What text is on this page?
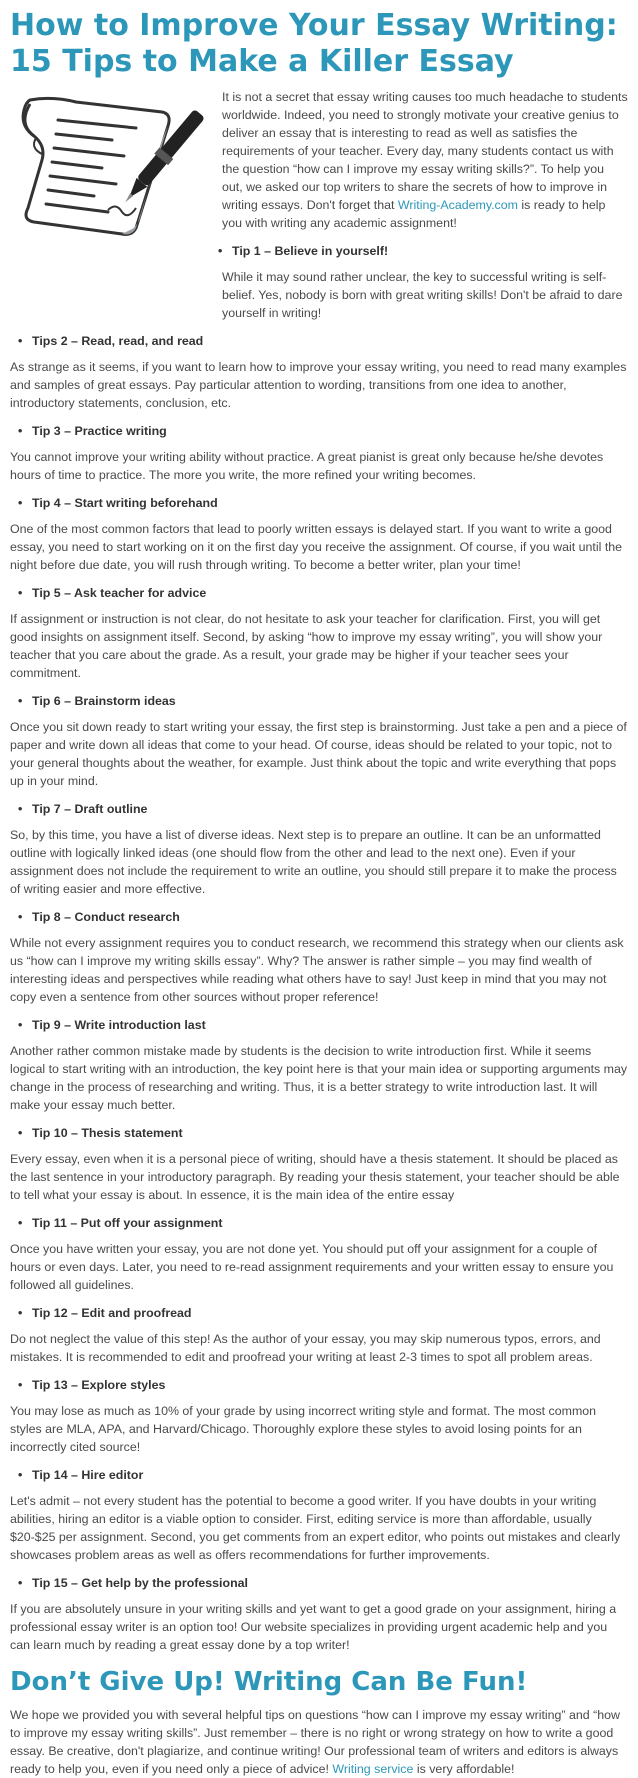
How to Improve Your Essay Writing:
15 Tips to Make a Killer Essay

It is not a secret that essay writing causes too much headache to students worldwide. Indeed, you need to strongly motivate your creative genius to deliver an essay that is interesting to read as well as satisfies the requirements of your teacher. Every day, many students contact us with the question “how can I improve my essay writing skills?”. To help you out, we asked our top writers to share the secrets of how to improve in writing essays. Don't forget that Writing-Academy.com is ready to help you with writing any academic assignment!

• Tip 1 – Believe in yourself!

While it may sound rather unclear, the key to successful writing is self-belief. Yes, nobody is born with great writing skills! Don't be afraid to dare yourself in writing!

• Tips 2 – Read, read, and read

As strange as it seems, if you want to learn how to improve your essay writing, you need to read many examples and samples of great essays. Pay particular attention to wording, transitions from one idea to another, introductory statements, conclusion, etc.

• Tip 3 – Practice writing

You cannot improve your writing ability without practice. A great pianist is great only because he/she devotes hours of time to practice. The more you write, the more refined your writing becomes.

• Tip 4 – Start writing beforehand

One of the most common factors that lead to poorly written essays is delayed start. If you want to write a good essay, you need to start working on it on the first day you receive the assignment. Of course, if you wait until the night before due date, you will rush through writing. To become a better writer, plan your time!

• Tip 5 – Ask teacher for advice

If assignment or instruction is not clear, do not hesitate to ask your teacher for clarification. First, you will get good insights on assignment itself. Second, by asking “how to improve my essay writing”, you will show your teacher that you care about the grade. As a result, your grade may be higher if your teacher sees your commitment.

• Tip 6 – Brainstorm ideas

Once you sit down ready to start writing your essay, the first step is brainstorming. Just take a pen and a piece of paper and write down all ideas that come to your head. Of course, ideas should be related to your topic, not to your general thoughts about the weather, for example. Just think about the topic and write everything that pops up in your mind.

• Tip 7 – Draft outline

So, by this time, you have a list of diverse ideas. Next step is to prepare an outline. It can be an unformatted outline with logically linked ideas (one should flow from the other and lead to the next one). Even if your assignment does not include the requirement to write an outline, you should still prepare it to make the process of writing easier and more effective.

• Tip 8 – Conduct research

While not every assignment requires you to conduct research, we recommend this strategy when our clients ask us “how can I improve my writing skills essay”. Why? The answer is rather simple – you may find wealth of interesting ideas and perspectives while reading what others have to say! Just keep in mind that you may not copy even a sentence from other sources without proper reference!

• Tip 9 – Write introduction last

Another rather common mistake made by students is the decision to write introduction first. While it seems logical to start writing with an introduction, the key point here is that your main idea or supporting arguments may change in the process of researching and writing. Thus, it is a better strategy to write introduction last. It will make your essay much better.

• Tip 10 – Thesis statement

Every essay, even when it is a personal piece of writing, should have a thesis statement. It should be placed as the last sentence in your introductory paragraph. By reading your thesis statement, your teacher should be able to tell what your essay is about. In essence, it is the main idea of the entire essay

• Tip 11 – Put off your assignment

Once you have written your essay, you are not done yet. You should put off your assignment for a couple of hours or even days. Later, you need to re-read assignment requirements and your written essay to ensure you followed all guidelines.

• Tip 12 – Edit and proofread

Do not neglect the value of this step! As the author of your essay, you may skip numerous typos, errors, and mistakes. It is recommended to edit and proofread your writing at least 2-3 times to spot all problem areas.

• Tip 13 – Explore styles

You may lose as much as 10% of your grade by using incorrect writing style and format. The most common styles are MLA, APA, and Harvard/Chicago. Thoroughly explore these styles to avoid losing points for an incorrectly cited source!

• Tip 14 – Hire editor

Let's admit – not every student has the potential to become a good writer. If you have doubts in your writing abilities, hiring an editor is a viable option to consider. First, editing service is more than affordable, usually $20-$25 per assignment. Second, you get comments from an expert editor, who points out mistakes and clearly showcases problem areas as well as offers recommendations for further improvements.

• Tip 15 – Get help by the professional

If you are absolutely unsure in your writing skills and yet want to get a good grade on your assignment, hiring a professional essay writer is an option too! Our website specializes in providing urgent academic help and you can learn much by reading a great essay done by a top writer!

Don’t Give Up! Writing Can Be Fun!

We hope we provided you with several helpful tips on questions “how can I improve my essay writing” and “how to improve my essay writing skills”. Just remember – there is no right or wrong strategy on how to write a good essay. Be creative, don't plagiarize, and continue writing! Our professional team of writers and editors is always ready to help you, even if you need only a piece of advice! Writing service is very affordable!
